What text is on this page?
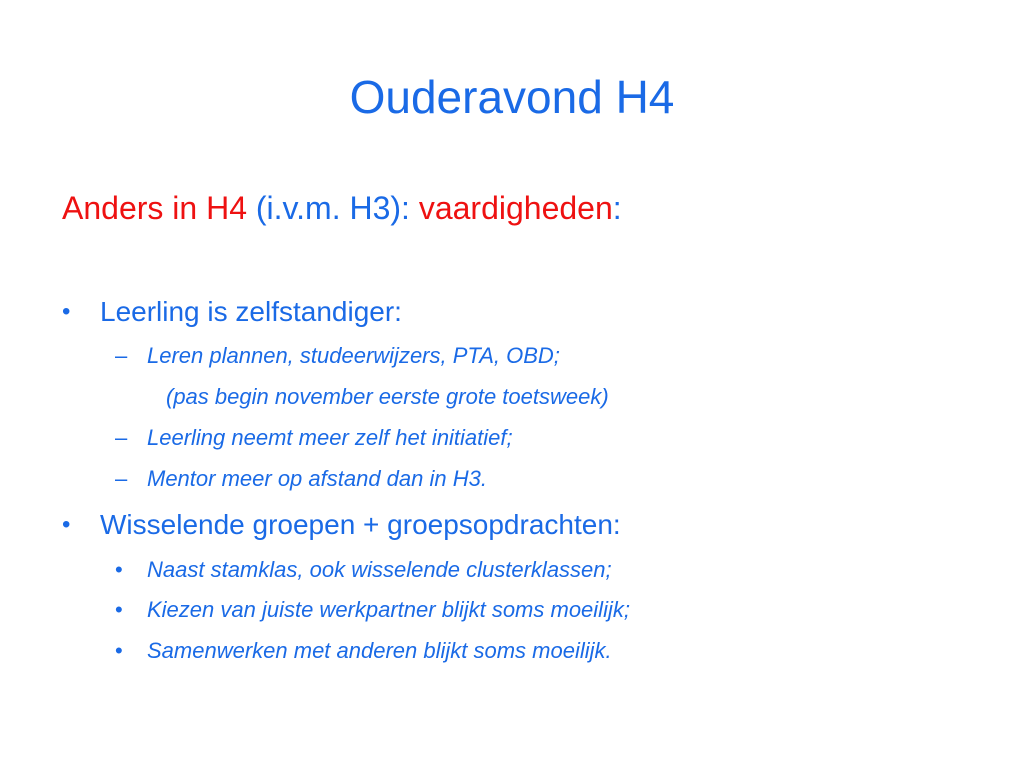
Ouderavond H4
Anders in H4 (i.v.m. H3): vaardigheden:
•	Leerling is zelfstandiger:
– Leren plannen, studeerwijzers, PTA, OBD;
(pas begin november eerste grote toetsweek)
– Leerling neemt meer zelf het initiatief;
– Mentor meer op afstand dan in H3.
•	Wisselende groepen + groepsopdrachten:
• Naast stamklas, ook wisselende clusterklassen;
• Kiezen van juiste werkpartner blijkt soms moeilijk;
• Samenwerken met anderen blijkt soms moeilijk.
